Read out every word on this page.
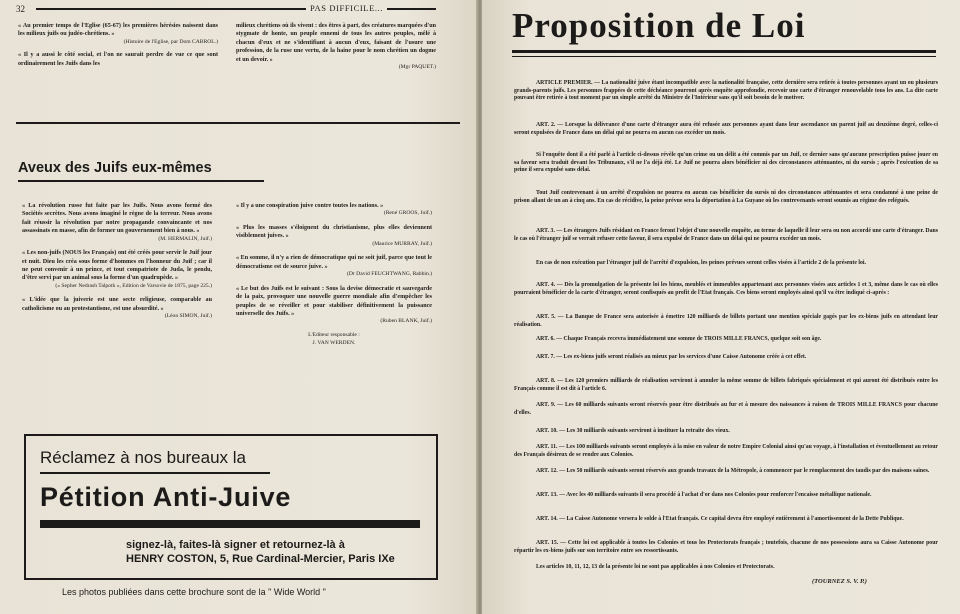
32	PAS DIFFICILE...
« Au premier temps de l'Eglise (65-67) les premières hérésies naissent dans les milieux juifs ou judéo-chrétiens. »
(Histoire de l'Eglise, par Dom CABROL.)
« Il y a aussi le côté social, et l'on ne saurait perdre de vue ce que sont ordinairement les Juifs dans les
milieux chrétiens où ils vivent : des êtres à part, des créatures marquées d'un stygmate de honte, un peuple ennemi de tous les autres peuples, mêlé à chacun d'eux et ne s'identifiant à aucun d'eux, faisant de l'usure une profession, de la ruse une vertu, de la haine pour le nom chrétien un dogme et un devoir. »
(Mgr PAQUET.)
Aveux des Juifs eux-mêmes
« La révolution russe fut faite par les Juifs. Nous avons formé des Sociétés secrètes. Nous avons imaginé le règne de la terreur. Nous avons fait réussir la révolution par notre propagande convaincante et nos assassinats en masse, afin de former un gouvernement bien à nous. »
(M. HERMALIN, Juif.)
« Les non-juifs (NOUS les Français) ont été créés pour servir le Juif jour et nuit. Dieu les créa sous forme d'hommes en l'honneur du Juif ; car il ne peut convenir à un prince, et tout compatriote de Juda, le pendu, d'être servi par un animal sous la forme d'un quadrupède. »
(« Sepher Nedrash Talpoth », Edition de Varsovie de 1875, page 225.)
« L'idée que la juiverie est une secte religieuse, comparable au catholicisme ou au protestantisme, est une absurdité. »
(Léon SIMON, Juif.)
« Il y a une conspiration juive contre toutes les nations. »
(René GROOS, Juif.)
« Plus les masses s'éloignent du christianisme, plus elles deviennent visiblement juives. »
(Maurice MURRAY, Juif.)
« En somme, il n'y a rien de démocratique qui ne soit juif, parce que tout le démocratisme est de source juive. »
(Dr David FEUCHTWANG, Rabbin.)
« Le but des Juifs est le suivant : Sous la devise démocratie et sauvegarde de la paix, provoquer une nouvelle guerre mondiale afin d'empêcher les peuples de se réveiller et pour stabiliser définitivement la puissance universelle des Juifs. »
(Ruben BLANK, Juif.)
L'Editeur responsable :
J. VAN WERDEN.
Réclamez à nos bureaux la
Pétition Anti-Juive
signez-là, faites-là signer et retournez-là à
HENRY COSTON, 5, Rue Cardinal-Mercier, Paris IXe
Les photos publiées dans cette brochure sont de la " Wide World "
Proposition de Loi
ARTICLE PREMIER. — La nationalité juive étant incompatible avec la nationalité française, cette dernière sera retirée à toutes personnes ayant un ou plusieurs grands-parents juifs. Les personnes frappées de cette déchéance pourront après enquête approfondie, recevoir une carte d'étranger renouvelable tous les ans. La dite carte pouvant être retirée à tout moment par un simple arrêté du Ministre de l'Intérieur sans qu'il soit besoin de le motiver.
ART. 2. — Lorsque la délivrance d'une carte d'étranger aura été refusée aux personnes ayant dans leur ascendance un parent juif au deuxième degré, celles-ci seront expulsées de France dans un délai qui ne pourra en aucun cas excéder un mois.
Si l'enquête dont il a été parlé à l'article ci-dessus révèle qu'un crime ou un délit a été commis par un Juif, ce dernier sans qu'aucune prescription puisse jouer en sa faveur sera traduit devant les Tribunaux, s'il ne l'a déjà été. Le Juif ne pourra alors bénéficier ni des circonstances atténuantes, ni du sursis ; après l'exécution de sa peine il sera expulsé sans délai.
Tout Juif contrevenant à un arrêté d'expulsion ne pourra en aucun cas bénéficier du sursis ni des circonstances atténuantes et sera condamné à une peine de prison allant de un an à cinq ans. En cas de récidive, la peine prévue sera la déportation à La Guyane où les contrevenants seront soumis au régime des relégués.
ART. 3. — Les étrangers Juifs résidant en France feront l'objet d'une nouvelle enquête, au terme de laquelle il leur sera ou non accordé une carte d'étranger. Dans le cas où l'étranger juif se verrait refuser cette faveur, il sera expulsé de France dans un délai qui ne pourra excéder un mois.
En cas de non exécution par l'étranger juif de l'arrêté d'expulsion, les peines prévues seront celles visées à l'article 2 de la présente loi.
ART. 4. — Dès la promulgation de la présente loi les biens, meublés et immeubles appartenant aux personnes visées aux articles 1 et 3, même dans le cas où elles pourraient bénéficier de la carte d'étranger, seront confisqués au profit de l'Etat français. Ces biens seront employés ainsi qu'il va être indiqué ci-après :
ART. 5. — La Banque de France sera autorisée à émettre 120 milliards de billets portant une mention spéciale gagés par les ex-biens juifs en attendant leur réalisation.
ART. 6. — Chaque Français recevra immédiatement une somme de TROIS MILLE FRANCS, quelque soit son âge.
ART. 7. — Les ex-biens juifs seront réalisés au mieux par les services d'une Caisse Autonome créée à cet effet.
ART. 8. — Les 120 premiers milliards de réalisation serviront à annuler la même somme de billets fabriqués spécialement et qui auront été distribués entre les Français comme il est dit à l'article 6.
ART. 9. — Les 60 milliards suivants seront réservés pour être distribués au fur et à mesure des naissances à raison de TROIS MILLE FRANCS pour chacune d'elles.
ART. 10. — Les 30 milliards suivants serviront à instituer la retraite des vieux.
ART. 11. — Les 100 milliards suivants seront employés à la mise en valeur de notre Empire Colonial ainsi qu'au voyage, à l'installation et éventuellement au retour des Français désireux de se rendre aux Colonies.
ART. 12. — Les 50 milliards suivants seront réservés aux grands travaux de la Métropole, à commencer par le remplacement des taudis par des maisons saines.
ART. 13. — Avec les 40 milliards suivants il sera procédé à l'achat d'or dans nos Colonies pour renforcer l'encaisse métallique nationale.
ART. 14. — La Caisse Autonome versera le solde à l'Etat français. Ce capital devra être employé entièrement à l'amortissement de la Dette Publique.
ART. 15. — Cette loi est applicable à toutes les Colonies et tous les Protectorats français ; toutefois, chacune de nos possessions aura sa Caisse Autonome pour répartir les ex-biens juifs sur son territoire entre ses ressortissants.
Les articles 10, 11, 12, 13 de la présente loi ne sont pas applicables à nos Colonies et Protectorats.
(TOURNEZ S. V. P.)
